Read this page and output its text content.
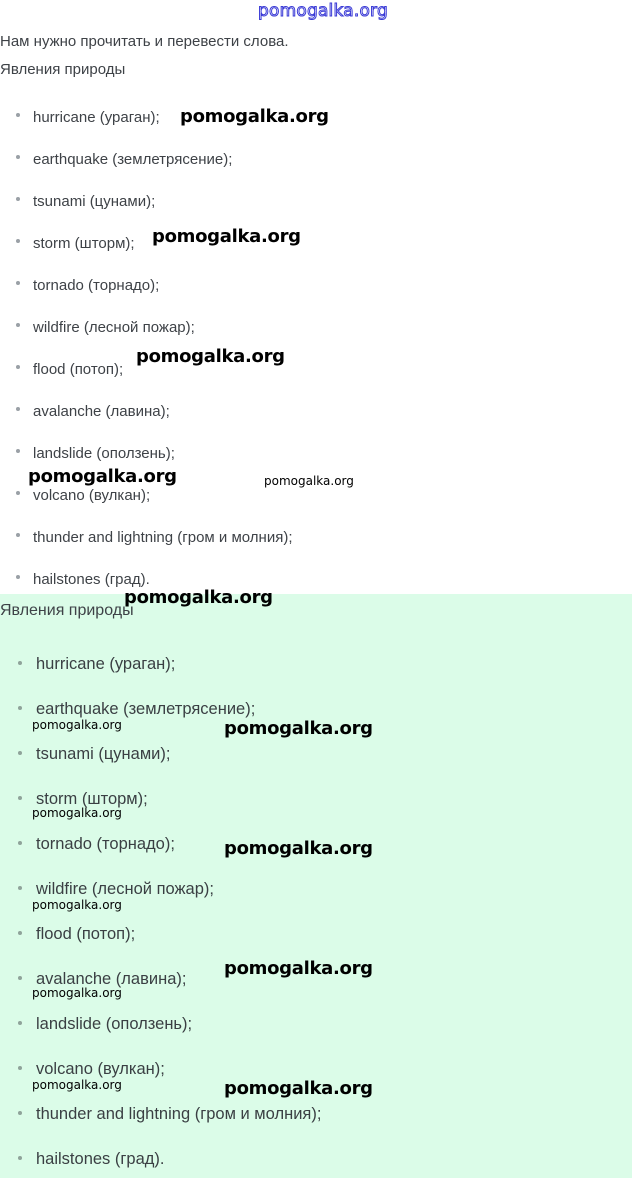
pomogalka.org
Нам нужно прочитать и перевести слова.
Явления природы
hurricane (ураган);
earthquake (землетрясение);
tsunami (цунами);
storm (шторм);
tornado (торнадо);
wildfire (лесной пожар);
flood (потоп);
avalanche (лавина);
landslide (оползень);
volcano (вулкан);
thunder and lightning (гром и молния);
hailstones (град).
Явления природы
hurricane (ураган);
earthquake (землетрясение);
tsunami (цунами);
storm (шторм);
tornado (торнадо);
wildfire (лесной пожар);
flood (потоп);
avalanche (лавина);
landslide (оползень);
volcano (вулкан);
thunder and lightning (гром и молния);
hailstones (град).
pomogalka.org
pomogalka.org
pomogalka.org
pomogalka.org	pomogalka.org
pomogalka.org
pomogalka.org	pomogalka.org
pomogalka.org
pomogalka.org
pomogalka.org
pomogalka.org
pomogalka.org
pomogalka.org	pomogalka.org
